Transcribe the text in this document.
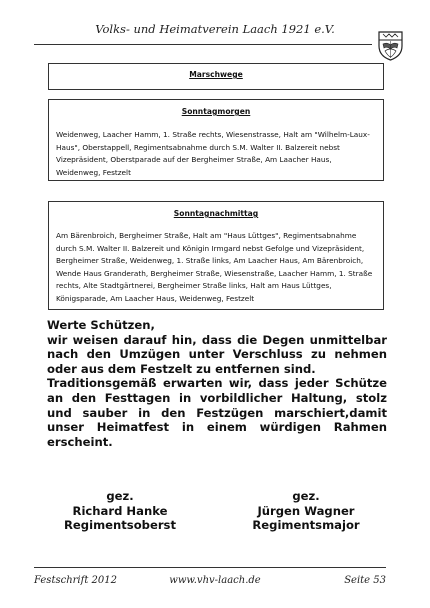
Volks- und Heimatverein Laach 1921 e.V.
Marschwege
Sonntagmorgen
Weidenweg, Laacher Hamm, 1. Straße rechts, Wiesenstrasse, Halt am "Wilhelm-Laux-Haus", Oberstappell, Regimentsabnahme durch S.M. Walter II. Balzereit nebst Vizepräsident, Oberstparade auf der Bergheimer Straße, Am Laacher Haus, Weidenweg, Festzelt
Sonntagnachmittag
Am Bärenbroich, Bergheimer Straße, Halt am "Haus Lüttges", Regimentsabnahme durch S.M. Walter II. Balzereit und Königin Irmgard nebst Gefolge und Vizepräsident, Bergheimer Straße, Weidenweg, 1. Straße links, Am Laacher Haus, Am Bärenbroich, Wende Haus Granderath, Bergheimer Straße, Wiesenstraße, Laacher Hamm, 1. Straße rechts, Alte Stadtgärtnerei, Bergheimer Straße links, Halt am Haus Lüttges, Königsparade, Am Laacher Haus, Weidenweg, Festzelt

Werte Schützen,

wir weisen darauf hin, dass die Degen unmittelbar nach den Umzügen unter Verschluss zu nehmen oder aus dem Festzelt zu entfernen sind.

Traditionsgemäß erwarten wir, dass jeder Schütze an den Festtagen in vorbildlicher Haltung, stolz und sauber in den Festzügen marschiert,damit unser Heimatfest in einem würdigen Rahmen erscheint.

gez.
Richard Hanke
Regimentsoberst
gez.
Jürgen Wagner
Regimentsmajor
Festschrift 2012	www.vhv-laach.de	Seite 53
